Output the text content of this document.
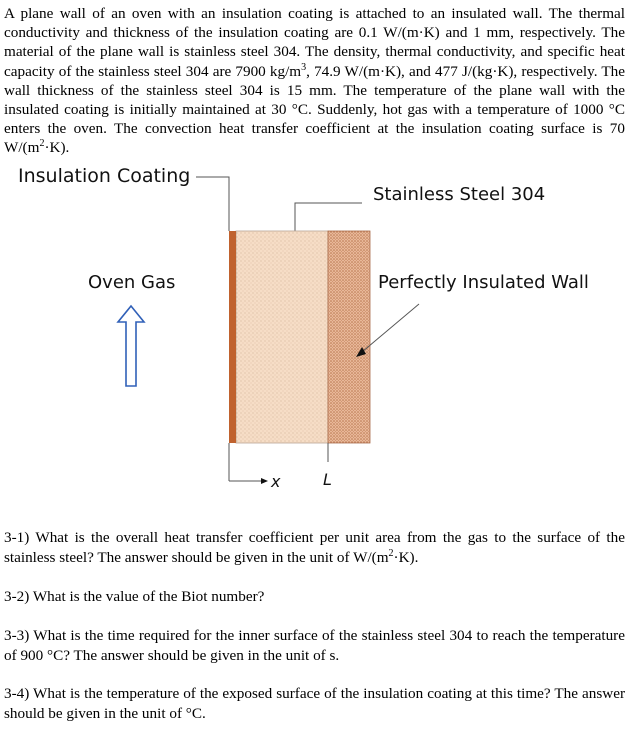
A plane wall of an oven with an insulation coating is attached to an insulated wall. The thermal conductivity and thickness of the insulation coating are 0.1 W/(m·K) and 1 mm, respectively. The material of the plane wall is stainless steel 304. The density, thermal conductivity, and specific heat capacity of the stainless steel 304 are 7900 $kg/m^3$, 74.9 W/(m·K), and 477 J/(kg·K), respectively. The wall thickness of the stainless steel 304 is 15 mm. The temperature of the plane wall with the insulated coating is initially maintained at 30 °C. Suddenly, hot gas with a temperature of 1000 °C enters the oven. The convection heat transfer coefficient at the insulation coating surface is 70 $W/(m^2\cdot K)$.
Insulation Coating
Stainless Steel 304
Oven Gas	Perfectly Insulated Wall
x	L
3-1) What is the overall heat transfer coefficient per unit area from the gas to the surface of the stainless steel? The answer should be given in the unit of $W/(m^2\cdot K)$.
3-2) What is the value of the Biot number?
3-3) What is the time required for the inner surface of the stainless steel 304 to reach the temperature of 900 °C? The answer should be given in the unit of s.
3-4) What is the temperature of the exposed surface of the insulation coating at this time? The answer should be given in the unit of °C.
